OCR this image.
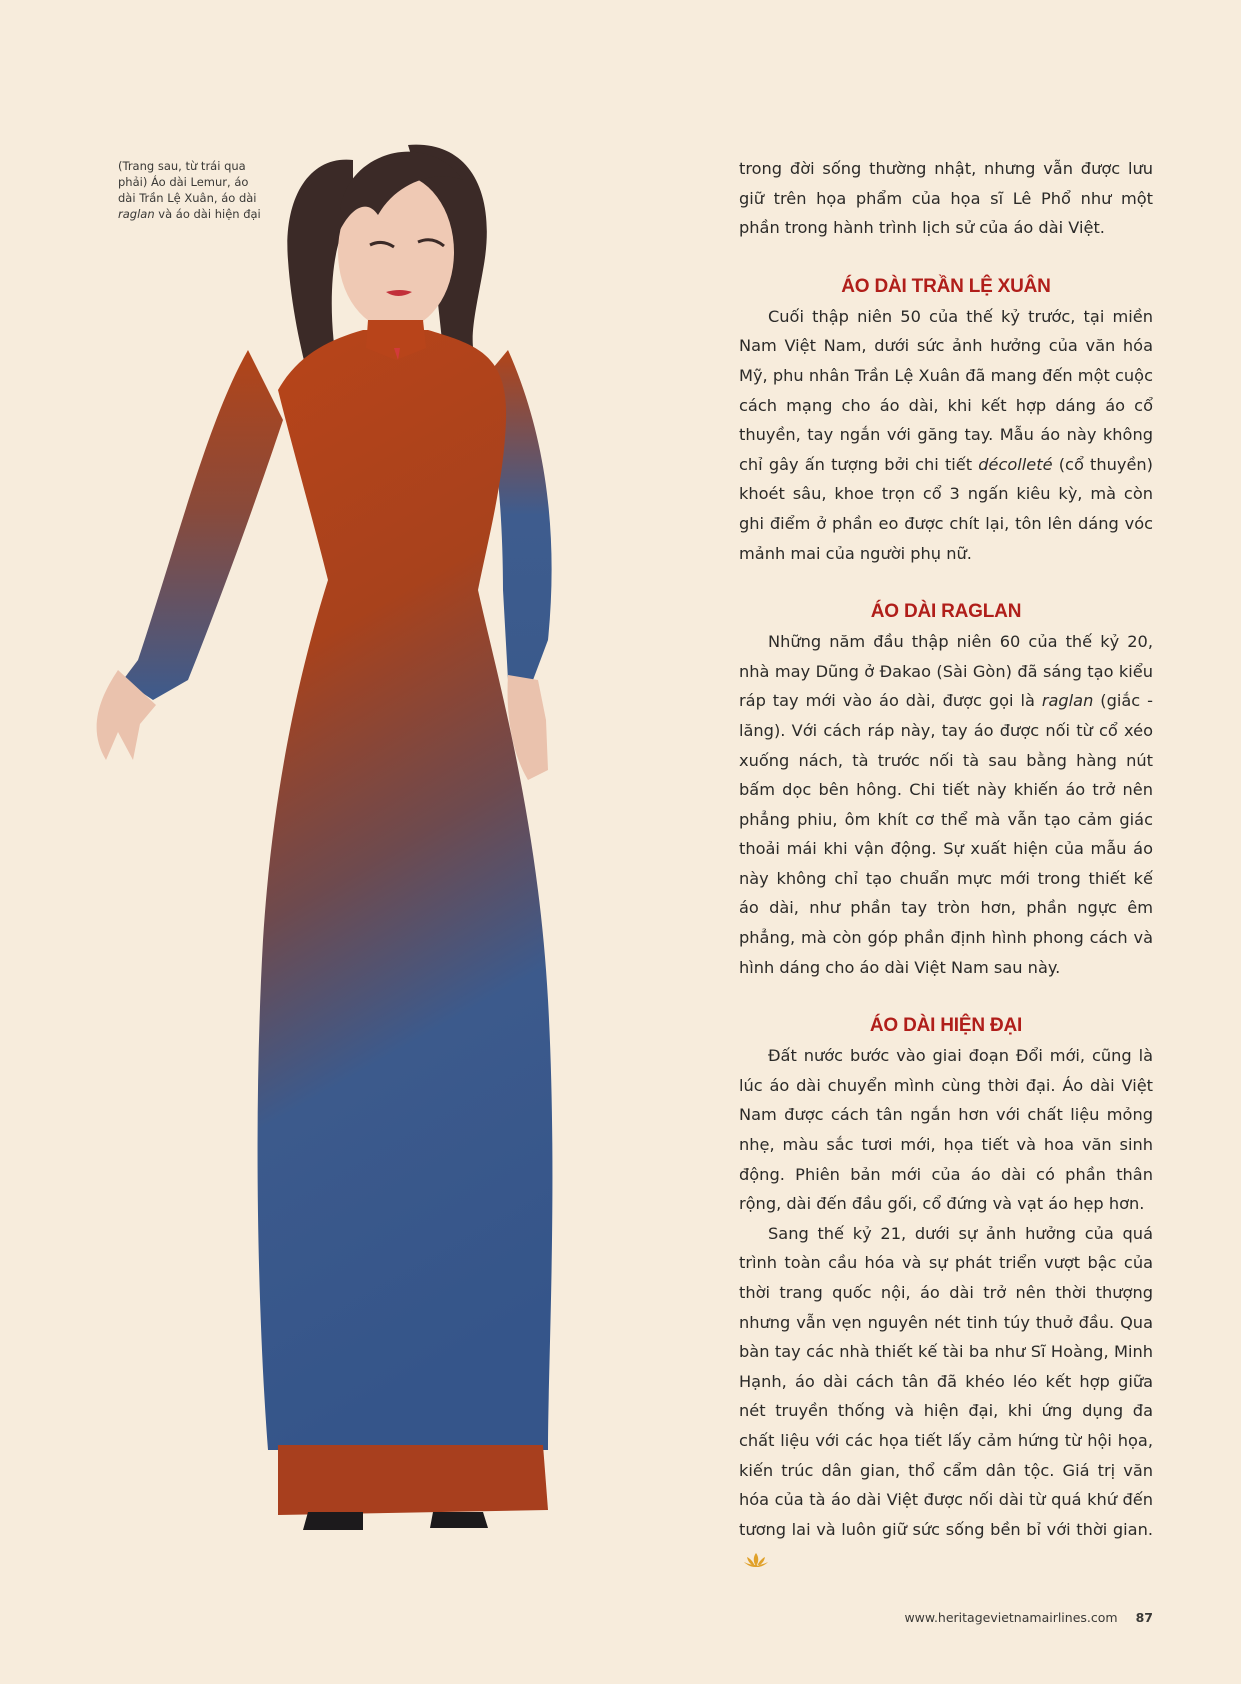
(Trang sau, từ trái qua phải) Áo dài Lemur, áo dài Trần Lệ Xuân, áo dài raglan và áo dài hiện đại

trong đời sống thường nhật, nhưng vẫn được lưu giữ trên họa phẩm của họa sĩ Lê Phổ như một phần trong hành trình lịch sử của áo dài Việt.

ÁO DÀI TRẦN LỆ XUÂN

Cuối thập niên 50 của thế kỷ trước, tại miền Nam Việt Nam, dưới sức ảnh hưởng của văn hóa Mỹ, phu nhân Trần Lệ Xuân đã mang đến một cuộc cách mạng cho áo dài, khi kết hợp dáng áo cổ thuyền, tay ngắn với găng tay. Mẫu áo này không chỉ gây ấn tượng bởi chi tiết décolleté (cổ thuyền) khoét sâu, khoe trọn cổ 3 ngấn kiêu kỳ, mà còn ghi điểm ở phần eo được chít lại, tôn lên dáng vóc mảnh mai của người phụ nữ.

ÁO DÀI RAGLAN

Những năm đầu thập niên 60 của thế kỷ 20, nhà may Dũng ở Đakao (Sài Gòn) đã sáng tạo kiểu ráp tay mới vào áo dài, được gọi là raglan (giắc - lăng). Với cách ráp này, tay áo được nối từ cổ xéo xuống nách, tà trước nối tà sau bằng hàng nút bấm dọc bên hông. Chi tiết này khiến áo trở nên phẳng phiu, ôm khít cơ thể mà vẫn tạo cảm giác thoải mái khi vận động. Sự xuất hiện của mẫu áo này không chỉ tạo chuẩn mực mới trong thiết kế áo dài, như phần tay tròn hơn, phần ngực êm phẳng, mà còn góp phần định hình phong cách và hình dáng cho áo dài Việt Nam sau này.

ÁO DÀI HIỆN ĐẠI

Đất nước bước vào giai đoạn Đổi mới, cũng là lúc áo dài chuyển mình cùng thời đại. Áo dài Việt Nam được cách tân ngắn hơn với chất liệu mỏng nhẹ, màu sắc tươi mới, họa tiết và hoa văn sinh động. Phiên bản mới của áo dài có phần thân rộng, dài đến đầu gối, cổ đứng và vạt áo hẹp hơn.

Sang thế kỷ 21, dưới sự ảnh hưởng của quá trình toàn cầu hóa và sự phát triển vượt bậc của thời trang quốc nội, áo dài trở nên thời thượng nhưng vẫn vẹn nguyên nét tinh túy thuở đầu. Qua bàn tay các nhà thiết kế tài ba như Sĩ Hoàng, Minh Hạnh, áo dài cách tân đã khéo léo kết hợp giữa nét truyền thống và hiện đại, khi ứng dụng đa chất liệu với các họa tiết lấy cảm hứng từ hội họa, kiến trúc dân gian, thổ cẩm dân tộc. Giá trị văn hóa của tà áo dài Việt được nối dài từ quá khứ đến tương lai và luôn giữ sức sống bền bỉ với thời gian.

www.heritagevietnamairlines.com 87
